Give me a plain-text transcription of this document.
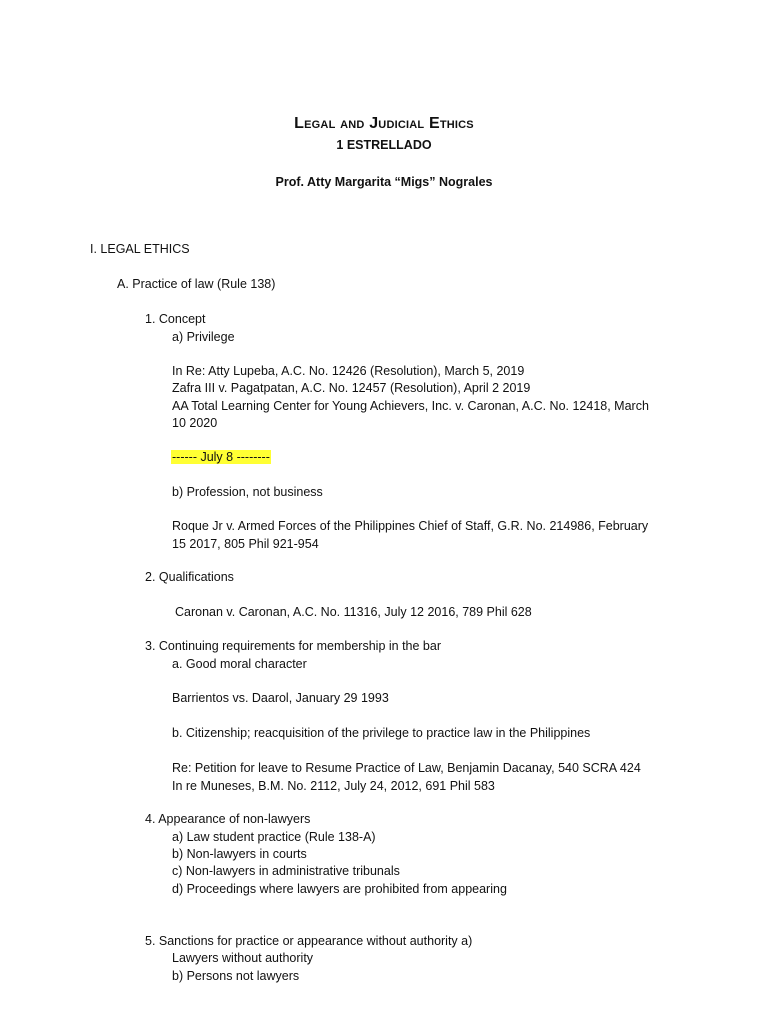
Legal and Judicial Ethics
1 ESTRELLADO
Prof. Atty Margarita “Migs” Nograles
I. LEGAL ETHICS
A. Practice of law (Rule 138)
1. Concept
a) Privilege
In Re: Atty Lupeba, A.C. No. 12426 (Resolution), March 5, 2019
Zafra III v. Pagatpatan, A.C. No. 12457 (Resolution), April 2 2019
AA Total Learning Center for Young Achievers, Inc. v. Caronan, A.C. No. 12418, March
10 2020
------ July 8 --------
b) Profession, not business
Roque Jr v. Armed Forces of the Philippines Chief of Staff, G.R. No. 214986, February
15 2017, 805 Phil 921-954
2. Qualifications
Caronan v. Caronan, A.C. No. 11316, July 12 2016, 789 Phil 628
3. Continuing requirements for membership in the bar
a. Good moral character
Barrientos vs. Daarol, January 29 1993
b. Citizenship; reacquisition of the privilege to practice law in the Philippines
Re: Petition for leave to Resume Practice of Law, Benjamin Dacanay, 540 SCRA 424
In re Muneses, B.M. No. 2112, July 24, 2012, 691 Phil 583
4. Appearance of non-lawyers
a) Law student practice (Rule 138-A)
b) Non-lawyers in courts
c) Non-lawyers in administrative tribunals
d) Proceedings where lawyers are prohibited from appearing
5. Sanctions for practice or appearance without authority a)
Lawyers without authority
b) Persons not lawyers
